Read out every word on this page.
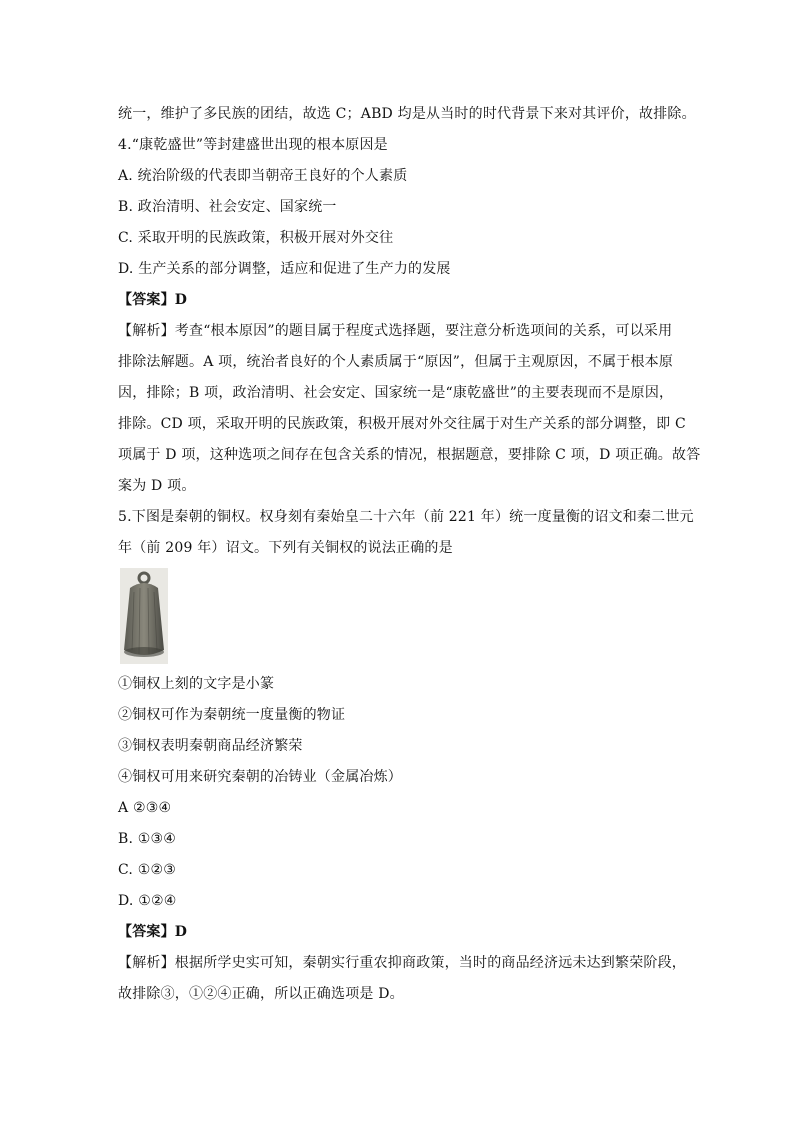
统一，维护了多民族的团结，故选 C；ABD 均是从当时的时代背景下来对其评价，故排除。
4.“康乾盛世”等封建盛世出现的根本原因是
A. 统治阶级的代表即当朝帝王良好的个人素质
B. 政治清明、社会安定、国家统一
C. 采取开明的民族政策，积极开展对外交往
D. 生产关系的部分调整，适应和促进了生产力的发展
【答案】D
【解析】考查“根本原因”的题目属于程度式选择题，要注意分析选项间的关系，可以采用
排除法解题。A 项，统治者良好的个人素质属于“原因”，但属于主观原因，不属于根本原
因，排除；B 项，政治清明、社会安定、国家统一是“康乾盛世”的主要表现而不是原因，
排除。CD 项，采取开明的民族政策，积极开展对外交往属于对生产关系的部分调整，即 C
项属于 D 项，这种选项之间存在包含关系的情况，根据题意，要排除 C 项，D 项正确。故答
案为 D 项。
5.下图是秦朝的铜权。权身刻有秦始皇二十六年（前 221 年）统一度量衡的诏文和秦二世元
年（前 209 年）诏文。下列有关铜权的说法正确的是
①铜权上刻的文字是小篆
②铜权可作为秦朝统一度量衡的物证
③铜权表明秦朝商品经济繁荣
④铜权可用来研究秦朝的冶铸业（金属冶炼）
A ②③④
B. ①③④
C. ①②③
D. ①②④
【答案】D
【解析】根据所学史实可知，秦朝实行重农抑商政策，当时的商品经济远未达到繁荣阶段，
故排除③，①②④正确，所以正确选项是 D。
